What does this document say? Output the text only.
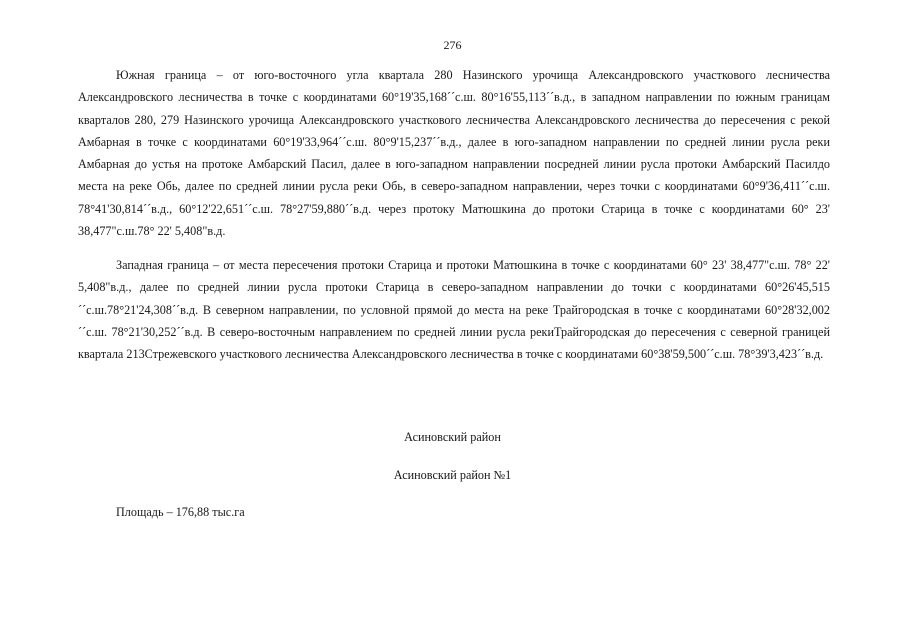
276

Южная граница – от юго-восточного угла квартала 280 Назинского урочища Александровского участкового лесничества Александровского лесничества в точке с координатами 60°19'35,168´´с.ш. 80°16'55,113´´в.д., в западном направлении по южным границам кварталов 280, 279 Назинского урочища Александровского участкового лесничества Александровского лесничества до пересечения с рекой Амбарная в точке с координатами 60°19'33,964´´с.ш. 80°9'15,237´´в.д., далее в юго-западном направлении по средней линии русла реки Амбарная до устья на протоке Амбарский Пасил, далее в юго-западном направлении посредней линии русла протоки Амбарский Пасилдо места на реке Обь, далее по средней линии русла реки Обь, в северо-западном направлении, через точки с координатами 60°9'36,411´´с.ш. 78°41'30,814´´в.д., 60°12'22,651´´с.ш. 78°27'59,880´´в.д. через протоку Матюшкина до протоки Старица в точке с координатами 60° 23' 38,477"с.ш.78° 22' 5,408"в.д.

Западная граница – от места пересечения протоки Старица и протоки Матюшкина в точке с координатами 60° 23' 38,477"с.ш. 78° 22' 5,408"в.д., далее по средней линии русла протоки Старица в северо-западном направлении до точки с координатами 60°26'45,515´´с.ш.78°21'24,308´´в.д. В северном направлении, по условной прямой до места на реке Трайгородская в точке с координатами 60°28'32,002´´с.ш. 78°21'30,252´´в.д. В северо-восточным направлением по средней линии русла рекиТрайгородская до пересечения с северной границей квартала 213Стрежевского участкового лесничества Александровского лесничества в точке с координатами 60°38'59,500´´с.ш. 78°39'3,423´´в.д.

Асиновский район
Асиновский район №1
Площадь – 176,88 тыс.га
